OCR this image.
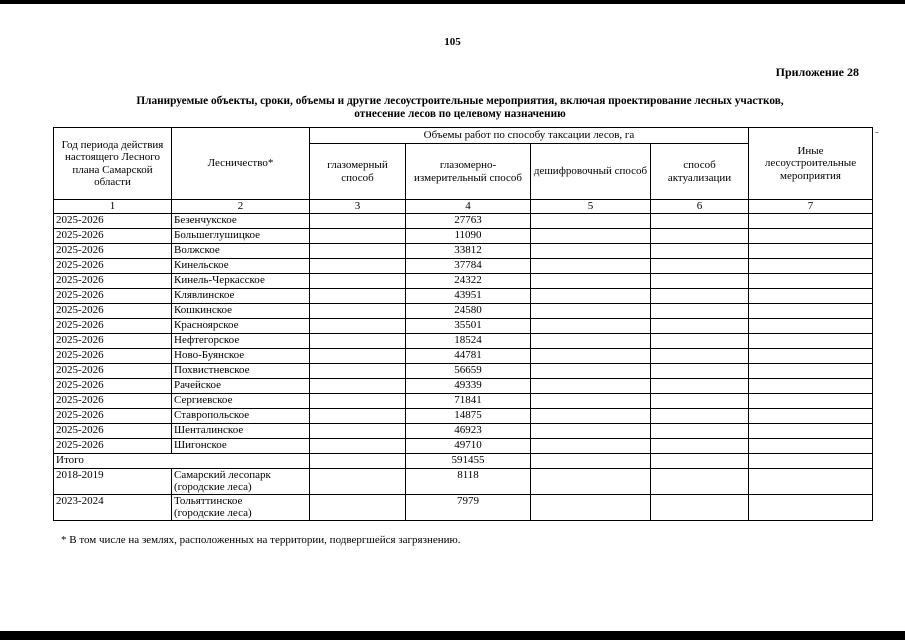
105
Приложение 28
Планируемые объекты, сроки, объемы и другие лесоустроительные мероприятия, включая проектирование лесных участков,
отнесение лесов по целевому назначению
-
Год периода действия настоящего Лесного плана Самарской области	Лесничество*	Объемы работ по способу таксации лесов, га				Иные лесоустроительные мероприятия
		глазомерный способ	глазомерно-измерительный способ	дешифровочный способ	способ актуализации	
1	2	3	4	5	6	7
2025-2026	Безенчукское		27763			
2025-2026	Большеглушицкое		11090			
2025-2026	Волжское		33812			
2025-2026	Кинельское		37784			
2025-2026	Кинель-Черкасское		24322			
2025-2026	Клявлинское		43951			
2025-2026	Кошкинское		24580			
2025-2026	Красноярское		35501			
2025-2026	Нефтегорское		18524			
2025-2026	Ново-Буянское		44781			
2025-2026	Похвистневское		56659			
2025-2026	Рачейское		49339			
2025-2026	Сергиевское		71841			
2025-2026	Ставропольское		14875			
2025-2026	Шенталинское		46923			
2025-2026	Шигонское		49710			
Итого			591455			
2018-2019	Самарский лесопарк
(городские леса)		8118			
2023-2024	Тольяттинское
(городские леса)		7979			
* В том числе на землях, расположенных на территории, подвергшейся загрязнению.
